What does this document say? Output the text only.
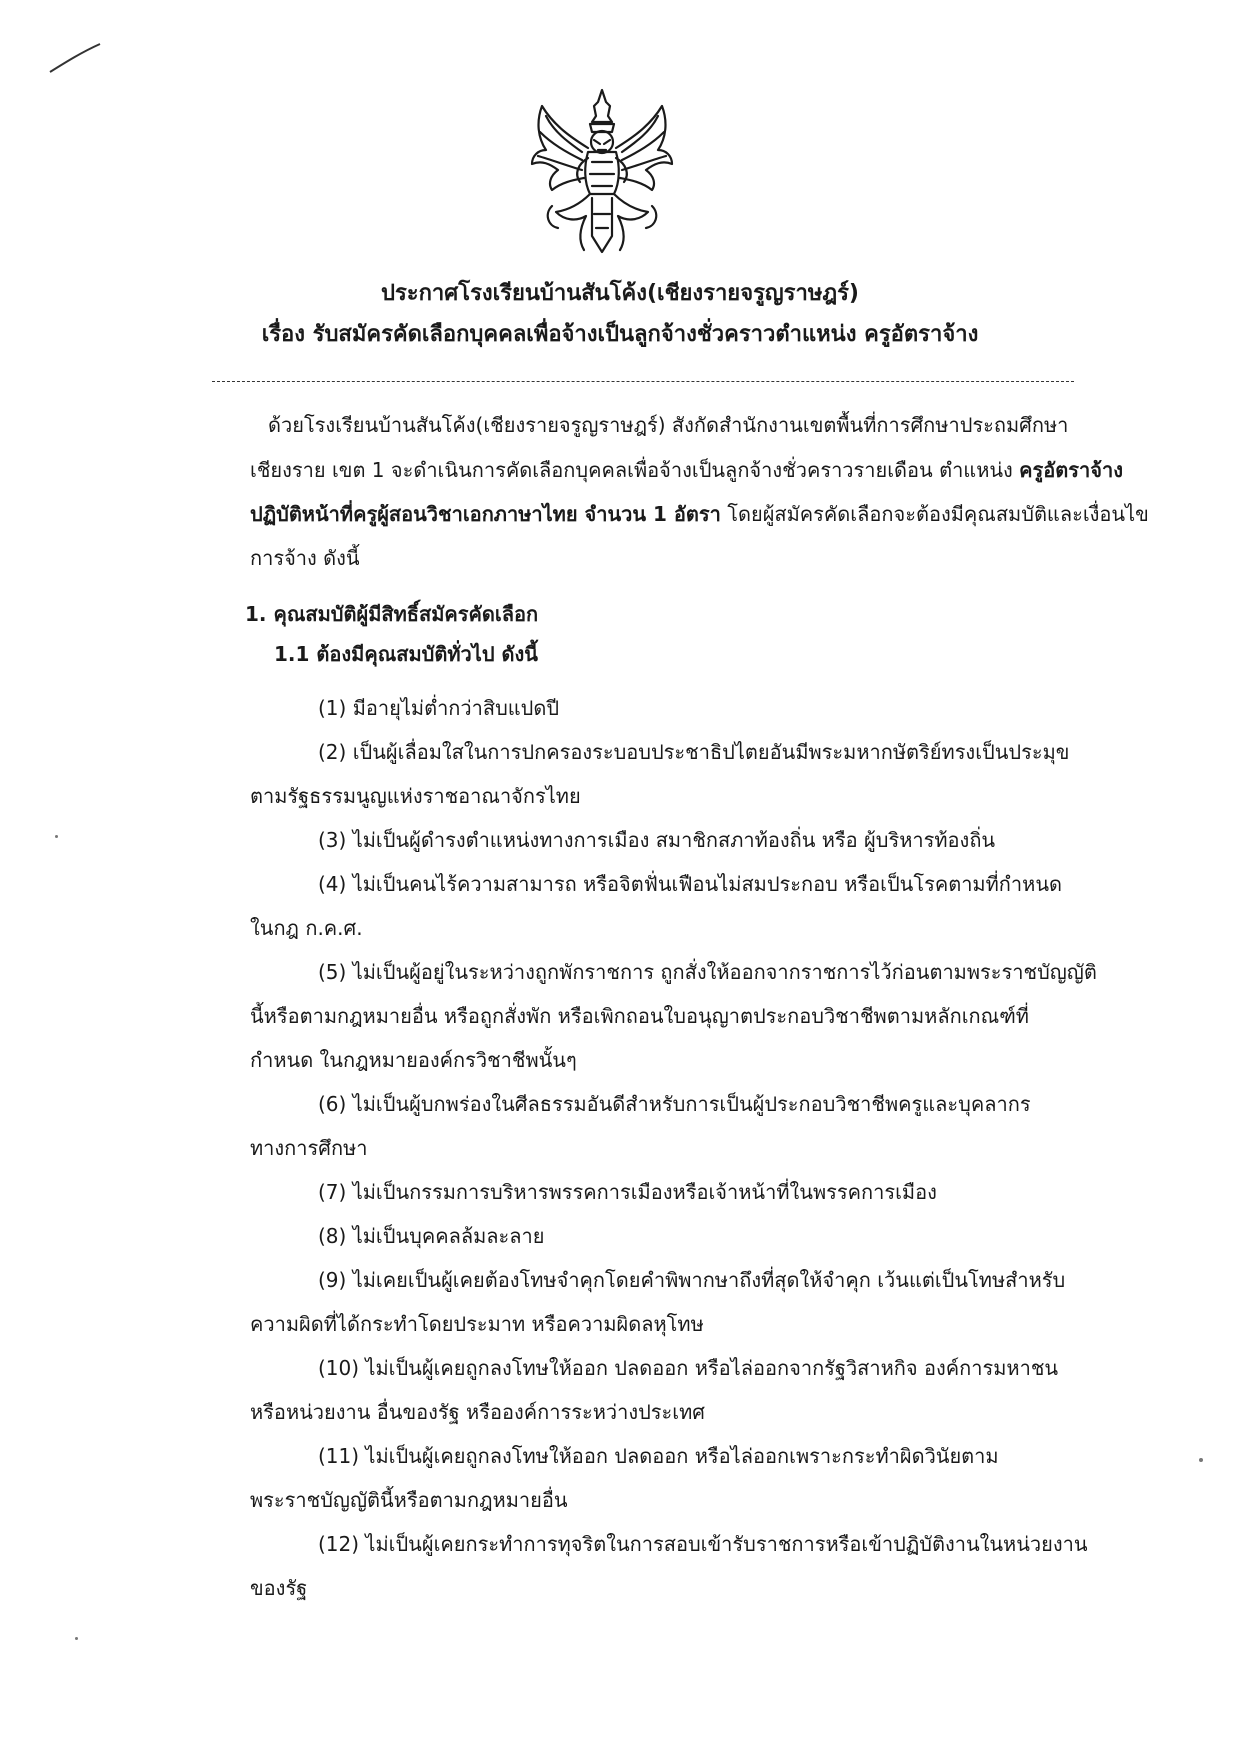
ประกาศโรงเรียนบ้านสันโค้ง(เชียงรายจรูญราษฎร์)
เรื่อง รับสมัครคัดเลือกบุคคลเพื่อจ้างเป็นลูกจ้างชั่วคราวตำแหน่ง ครูอัตราจ้าง
ด้วยโรงเรียนบ้านสันโค้ง(เชียงรายจรูญราษฎร์) สังกัดสำนักงานเขตพื้นที่การศึกษาประถมศึกษา
เชียงราย เขต 1 จะดำเนินการคัดเลือกบุคคลเพื่อจ้างเป็นลูกจ้างชั่วคราวรายเดือน ตำแหน่ง ครูอัตราจ้าง
ปฏิบัติหน้าที่ครูผู้สอนวิชาเอกภาษาไทย จำนวน 1 อัตรา โดยผู้สมัครคัดเลือกจะต้องมีคุณสมบัติและเงื่อนไข
การจ้าง ดังนี้
1. คุณสมบัติผู้มีสิทธิ์สมัครคัดเลือก
1.1 ต้องมีคุณสมบัติทั่วไป ดังนี้
(1) มีอายุไม่ต่ำกว่าสิบแปดปี
(2) เป็นผู้เลื่อมใสในการปกครองระบอบประชาธิปไตยอันมีพระมหากษัตริย์ทรงเป็นประมุข
ตามรัฐธรรมนูญแห่งราชอาณาจักรไทย
(3) ไม่เป็นผู้ดำรงตำแหน่งทางการเมือง สมาชิกสภาท้องถิ่น หรือ ผู้บริหารท้องถิ่น
(4) ไม่เป็นคนไร้ความสามารถ หรือจิตฟั่นเฟือนไม่สมประกอบ หรือเป็นโรคตามที่กำหนด
ในกฎ ก.ค.ศ.
(5) ไม่เป็นผู้อยู่ในระหว่างถูกพักราชการ ถูกสั่งให้ออกจากราชการไว้ก่อนตามพระราชบัญญัติ
นี้หรือตามกฎหมายอื่น หรือถูกสั่งพัก หรือเพิกถอนใบอนุญาตประกอบวิชาชีพตามหลักเกณฑ์ที่
กำหนด ในกฎหมายองค์กรวิชาชีพนั้นๆ
(6) ไม่เป็นผู้บกพร่องในศีลธรรมอันดีสำหรับการเป็นผู้ประกอบวิชาชีพครูและบุคลากร
ทางการศึกษา
(7) ไม่เป็นกรรมการบริหารพรรคการเมืองหรือเจ้าหน้าที่ในพรรคการเมือง
(8) ไม่เป็นบุคคลล้มละลาย
(9) ไม่เคยเป็นผู้เคยต้องโทษจำคุกโดยคำพิพากษาถึงที่สุดให้จำคุก เว้นแต่เป็นโทษสำหรับ
ความผิดที่ได้กระทำโดยประมาท หรือความผิดลหุโทษ
(10) ไม่เป็นผู้เคยถูกลงโทษให้ออก ปลดออก หรือไล่ออกจากรัฐวิสาหกิจ องค์การมหาชน
หรือหน่วยงาน อื่นของรัฐ หรือองค์การระหว่างประเทศ
(11) ไม่เป็นผู้เคยถูกลงโทษให้ออก ปลดออก หรือไล่ออกเพราะกระทำผิดวินัยตาม
พระราชบัญญัตินี้หรือตามกฎหมายอื่น
(12) ไม่เป็นผู้เคยกระทำการทุจริตในการสอบเข้ารับราชการหรือเข้าปฏิบัติงานในหน่วยงาน
ของรัฐ
